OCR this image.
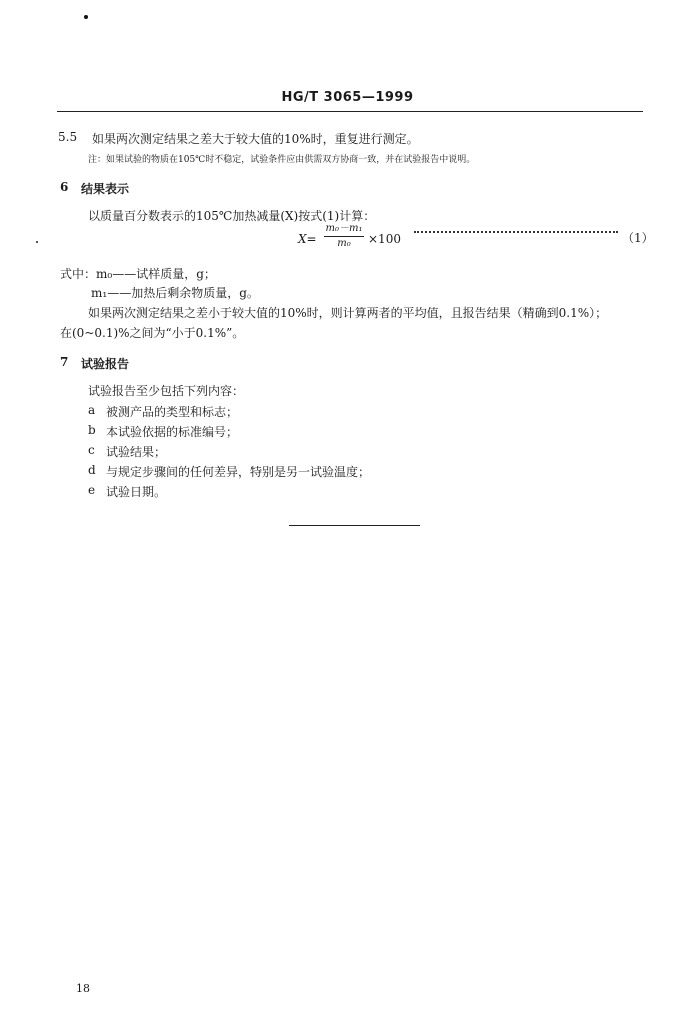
HG/T 3065—1999
5.5 如果两次测定结果之差大于较大值的10%时，重复进行测定。
注：如果试验的物质在105℃时不稳定，试验条件应由供需双方协商一致，并在试验报告中说明。
6 结果表示
以质量百分数表示的105℃加热减量(X)按式(1)计算：
X=
m₀－m₁
m₀	×100	（1）
式中：m₀——试样质量，g；
m₁——加热后剩余物质量，g。
如果两次测定结果之差小于较大值的10%时，则计算两者的平均值，且报告结果（精确到0.1%）；
在(0~0.1)%之间为“小于0.1%”。
7 试验报告
试验报告至少包括下列内容：
a 被测产品的类型和标志；
b 本试验依据的标准编号；
c 试验结果；
d 与规定步骤间的任何差异，特别是另一试验温度；
e 试验日期。
18
